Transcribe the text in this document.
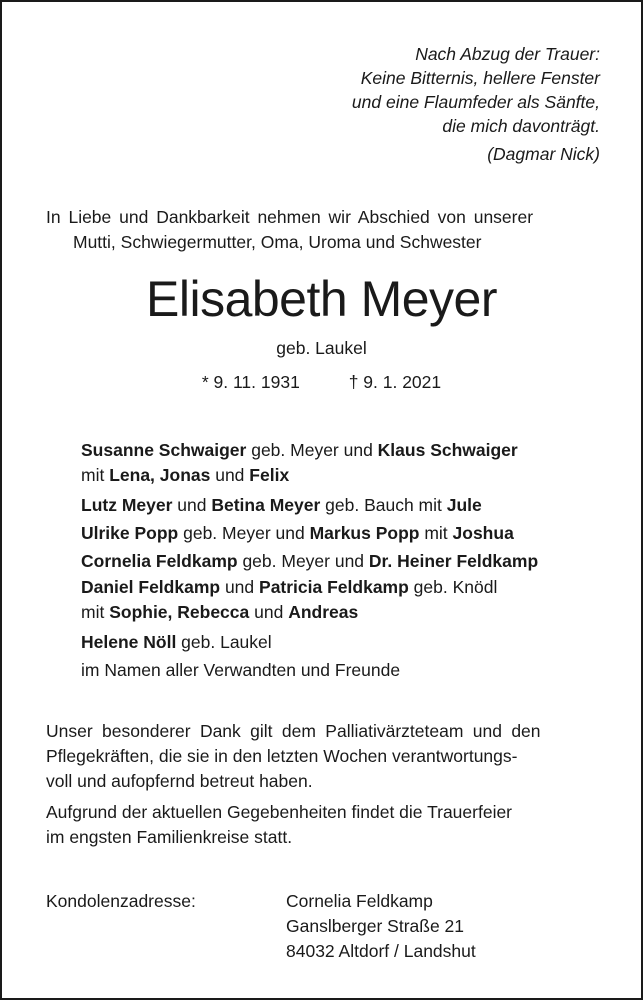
Nach Abzug der Trauer:
Keine Bitternis, hellere Fenster
und eine Flaumfeder als Sänfte,
die mich davonträgt.
(Dagmar Nick)
In Liebe und Dankbarkeit nehmen wir Abschied von unserer
Mutti, Schwiegermutter, Oma, Uroma und Schwester
Elisabeth Meyer
geb. Laukel
* 9. 11. 1931	† 9. 1. 2021
Susanne Schwaiger geb. Meyer und Klaus Schwaiger
mit Lena, Jonas und Felix
Lutz Meyer und Betina Meyer geb. Bauch mit Jule
Ulrike Popp geb. Meyer und Markus Popp mit Joshua
Cornelia Feldkamp geb. Meyer und Dr. Heiner Feldkamp
Daniel Feldkamp und Patricia Feldkamp geb. Knödl
mit Sophie, Rebecca und Andreas
Helene Nöll geb. Laukel
im Namen aller Verwandten und Freunde
Unser besonderer Dank gilt dem Palliativärzteteam und den
Pflegekräften, die sie in den letzten Wochen verantwortungs-
voll und aufopfernd betreut haben.
Aufgrund der aktuellen Gegebenheiten findet die Trauerfeier
im engsten Familienkreise statt.
Kondolenzadresse:	Cornelia Feldkamp
Ganslberger Straße 21
84032 Altdorf / Landshut
